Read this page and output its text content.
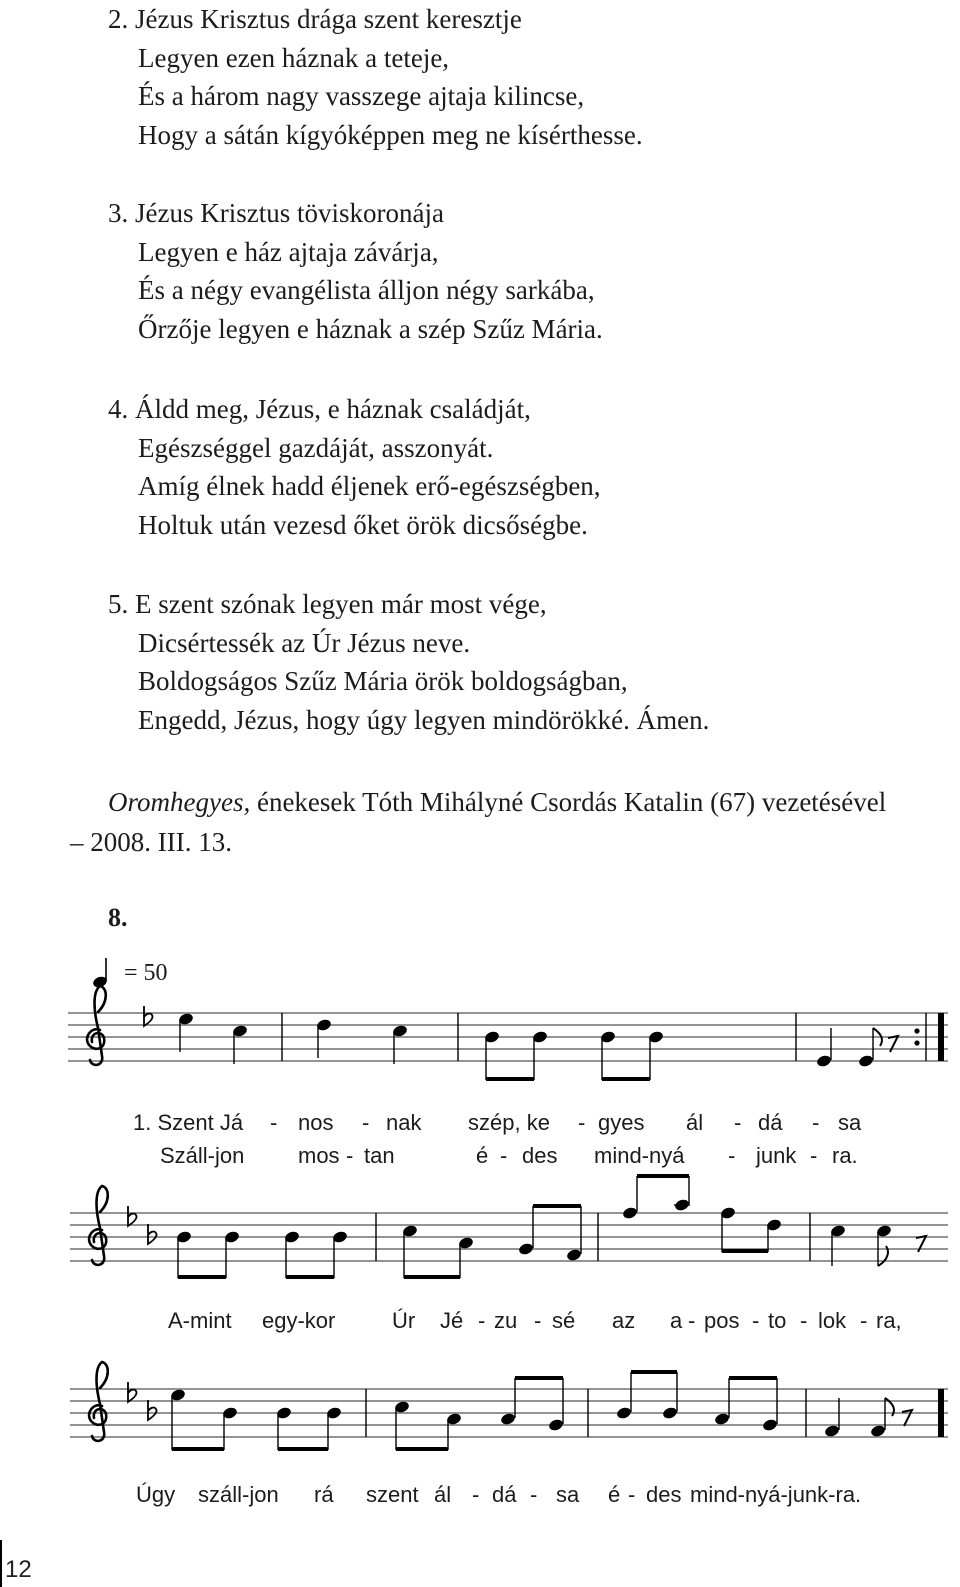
2. Jézus Krisztus drága szent keresztje
Legyen ezen háznak a teteje,
És a három nagy vasszege ajtaja kilincse,
Hogy a sátán kígyóképpen meg ne kísérthesse.
3. Jézus Krisztus töviskoronája
Legyen e ház ajtaja závárja,
És a négy evangélista álljon négy sarkába,
Őrzője legyen e háznak a szép Szűz Mária.
4. Áldd meg, Jézus, e háznak családját,
Egészséggel gazdáját, asszonyát.
Amíg élnek hadd éljenek erő-egészségben,
Holtuk után vezesd őket örök dicsőségbe.
5. E szent szónak legyen már most vége,
Dicsértessék az Úr Jézus neve.
Boldogságos Szűz Mária örök boldogságban,
Engedd, Jézus, hogy úgy legyen mindörökké. Ámen.
Oromhegyes, énekesek Tóth Mihályné Csordás Katalin (67) vezetésével
– 2008. III. 13.
8.
= 50
1. Szent Já - nos - nak szép, ke - gyes ál - dá - sa
Száll-jon mos - tan	é - des mind-nyá - junk - ra.
A-mint egy-kor	Úr Jé - zu - sé az a - pos - to - lok - ra,
Úgy száll-jon rá szent ál - dá - sa é - des mind-nyá-junk-ra.
12
